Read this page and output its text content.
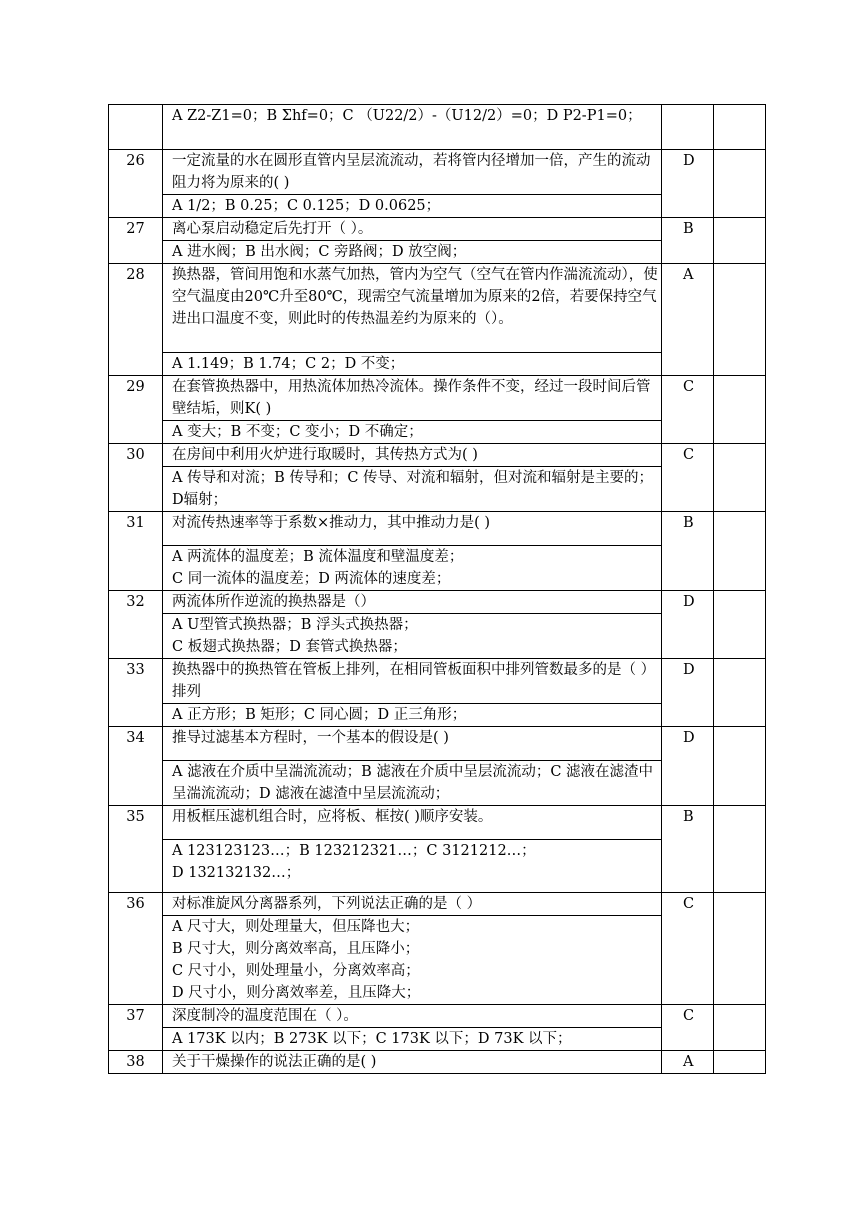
	A Z2-Z1=0；B Σhf=0；C （U22/2）-（U12/2）=0；D P2-P1=0；		
26	一定流量的水在圆形直管内呈层流流动，若将管内径增加一倍，产生的流动阻力将为原来的( )	D	
	A 1/2；B 0.25；C 0.125；D 0.0625；		
27	离心泵启动稳定后先打开（ ）。	B	
	A 进水阀；B 出水阀；C 旁路阀；D 放空阀；		
28	换热器，管间用饱和水蒸气加热，管内为空气（空气在管内作湍流流动），使空气温度由20℃升至80℃，现需空气流量增加为原来的2倍，若要保持空气进出口温度不变，则此时的传热温差约为原来的（）。	A	
	A 1.149；B 1.74；C 2；D 不变；		
29	在套管换热器中，用热流体加热冷流体。操作条件不变，经过一段时间后管壁结垢，则K( )	C	
	A 变大；B 不变；C 变小；D 不确定；		
30	在房间中利用火炉进行取暖时，其传热方式为( )	C	
	A 传导和对流；B 传导和；C 传导、对流和辐射，但对流和辐射是主要的；D辐射；		
31	对流传热速率等于系数×推动力，其中推动力是( )	B	
	A 两流体的温度差；B 流体温度和壁温度差；
C 同一流体的温度差；D 两流体的速度差；		
32	两流体所作逆流的换热器是（）	D	
	A U型管式换热器；B 浮头式换热器；
C 板翅式换热器；D 套管式换热器；		
33	换热器中的换热管在管板上排列，在相同管板面积中排列管数最多的是（ ）排列	D	
	A 正方形；B 矩形；C 同心圆；D 正三角形；		
34	推导过滤基本方程时，一个基本的假设是( )	D	
	A 滤液在介质中呈湍流流动；B 滤液在介质中呈层流流动；C 滤液在滤渣中呈湍流流动；D 滤液在滤渣中呈层流流动；		
35	用板框压滤机组合时，应将板、框按( )顺序安装。	B	
	A 123123123…；B 123212321…；C 3121212…；
D 132132132…；		
36	对标准旋风分离器系列，下列说法正确的是（ ）	C	
	A 尺寸大，则处理量大，但压降也大；
B 尺寸大，则分离效率高，且压降小；
C 尺寸小，则处理量小，分离效率高；
D 尺寸小，则分离效率差，且压降大；		
37	深度制冷的温度范围在（ ）。	C	
	A 173K 以内；B 273K 以下；C 173K 以下；D 73K 以下；		
38	关于干燥操作的说法正确的是( )	A	
